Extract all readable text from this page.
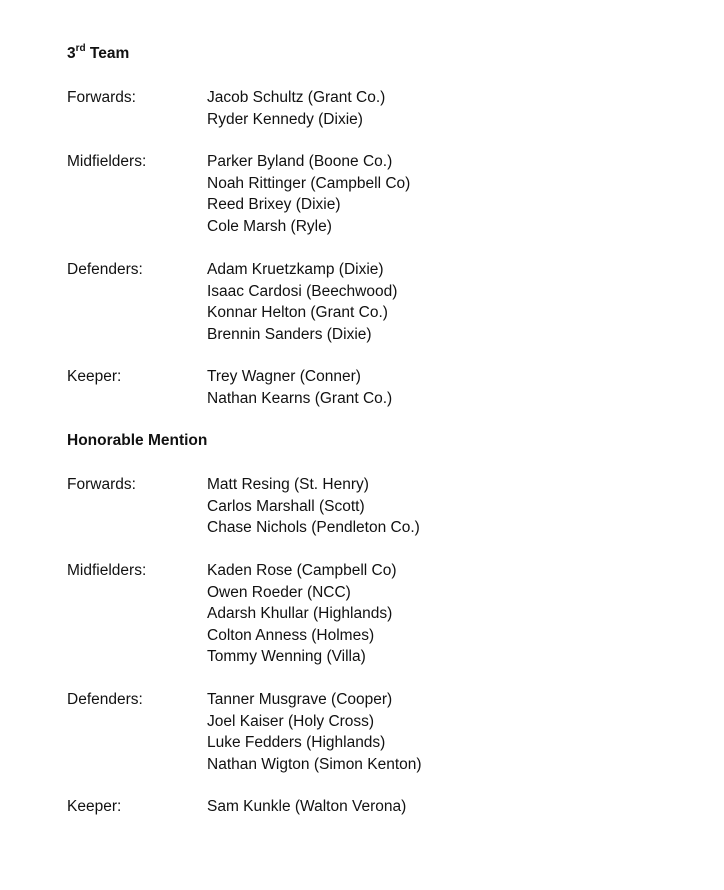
3rd Team
Forwards:	Jacob Schultz (Grant Co.)
Ryder Kennedy (Dixie)
Midfielders:	Parker Byland (Boone Co.)
Noah Rittinger (Campbell Co)
Reed Brixey (Dixie)
Cole Marsh (Ryle)
Defenders:	Adam Kruetzkamp (Dixie)
Isaac Cardosi (Beechwood)
Konnar Helton (Grant Co.)
Brennin Sanders (Dixie)
Keeper:	Trey Wagner (Conner)
Nathan Kearns (Grant Co.)
Honorable Mention
Forwards:	Matt Resing (St. Henry)
Carlos Marshall (Scott)
Chase Nichols (Pendleton Co.)
Midfielders:	Kaden Rose (Campbell Co)
Owen Roeder (NCC)
Adarsh Khullar (Highlands)
Colton Anness (Holmes)
Tommy Wenning (Villa)
Defenders:	Tanner Musgrave (Cooper)
Joel Kaiser (Holy Cross)
Luke Fedders (Highlands)
Nathan Wigton (Simon Kenton)
Keeper:	Sam Kunkle (Walton Verona)
